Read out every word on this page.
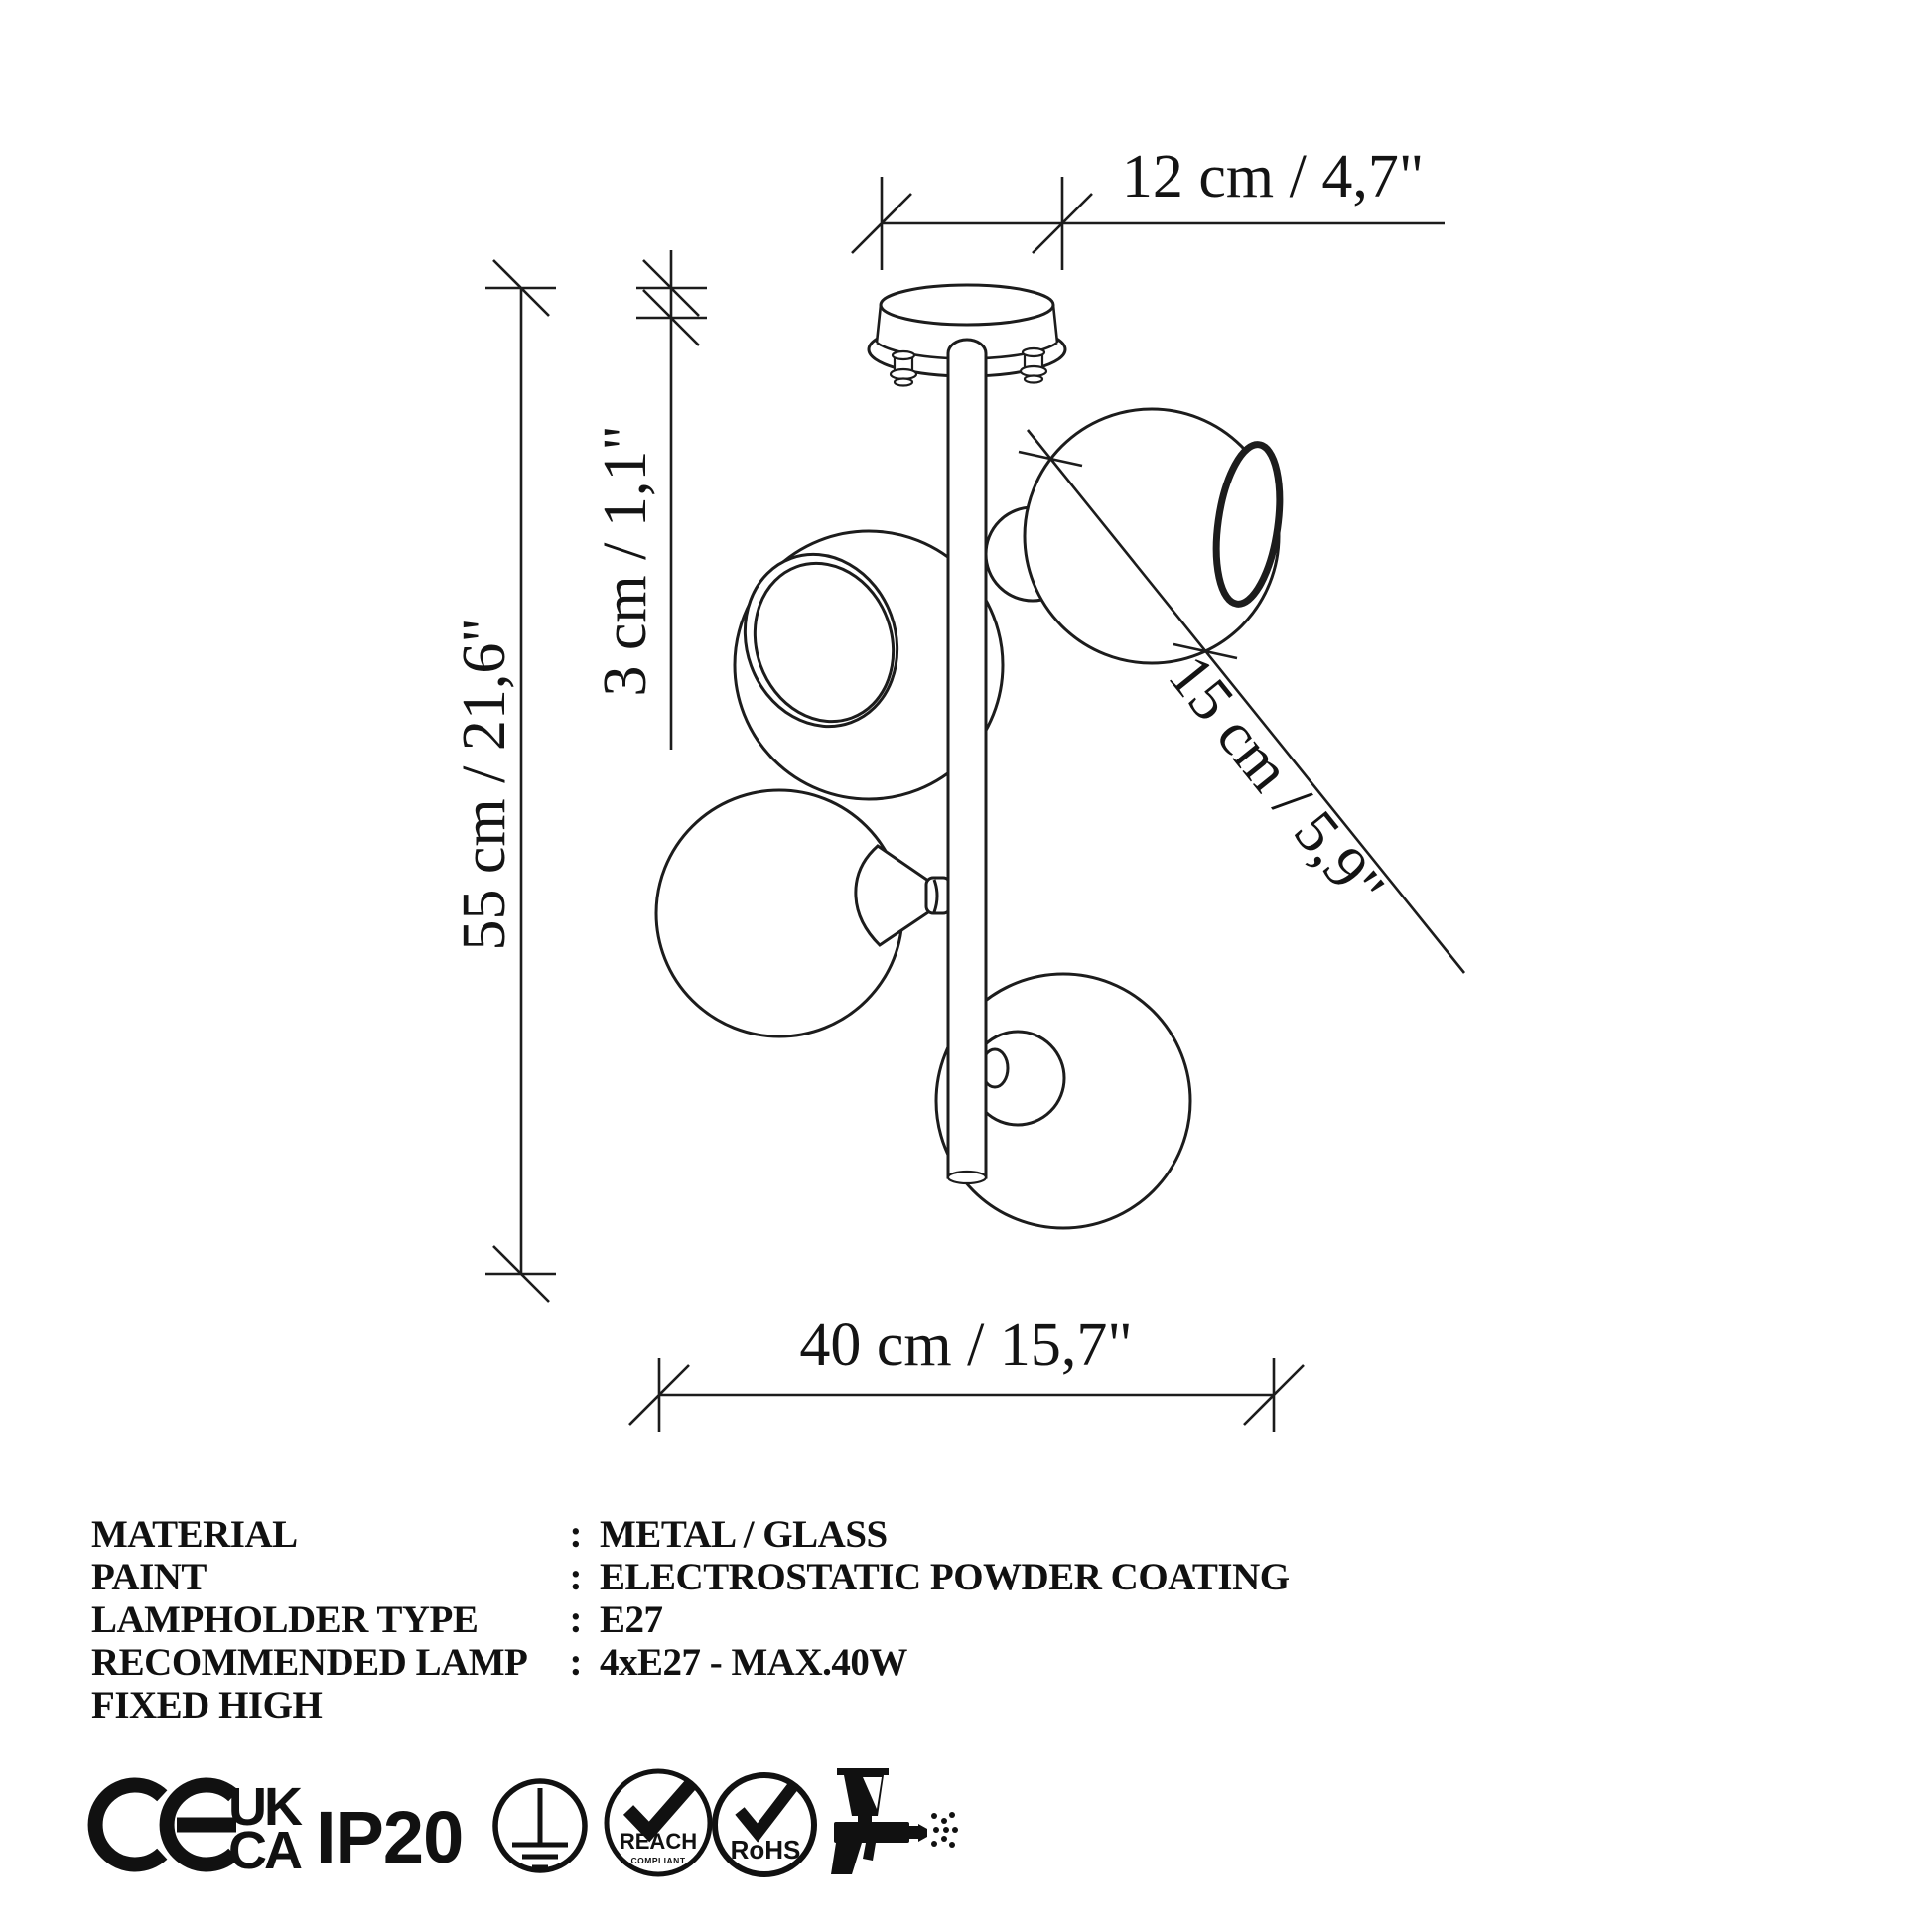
12 cm / 4,7"
55 cm / 21,6"
3 cm / 1,1"
15 cm / 5,9"
40 cm / 15,7"
MATERIAL	: METAL / GLASS
PAINT	: ELECTROSTATIC POWDER COATING
LAMPHOLDER TYPE : E27
RECOMMENDED LAMP : 4xE27 - MAX.40W
FIXED HIGH
UK
CA IP20	REACH
COMPLIANT RoHS
